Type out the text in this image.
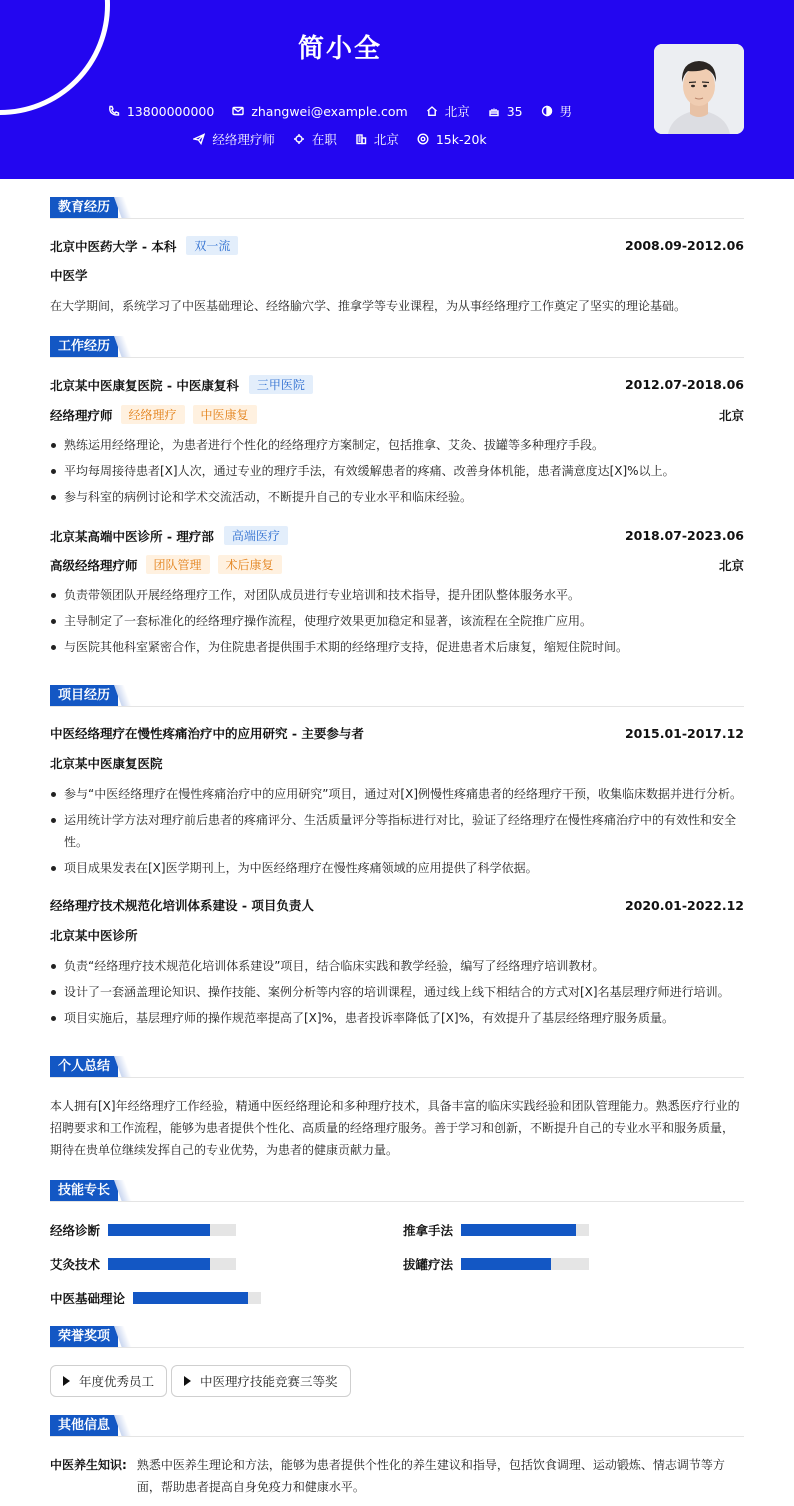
简小全
13800000000	zhangwei@example.com	北京	35	男
经络理疗师	在职	北京	15k-20k
教育经历
北京中医药大学 - 本科	双一流	2008.09-2012.06
中医学
在大学期间，系统学习了中医基础理论、经络腧穴学、推拿学等专业课程，为从事经络理疗工作奠定了坚实的理论基础。
工作经历
北京某中医康复医院 - 中医康复科	三甲医院	2012.07-2018.06
经络理疗师	经络理疗	中医康复	北京
熟练运用经络理论，为患者进行个性化的经络理疗方案制定，包括推拿、艾灸、拔罐等多种理疗手段。
平均每周接待患者[X]人次，通过专业的理疗手法，有效缓解患者的疼痛、改善身体机能，患者满意度达[X]%以上。
参与科室的病例讨论和学术交流活动，不断提升自己的专业水平和临床经验。
北京某高端中医诊所 - 理疗部	高端医疗	2018.07-2023.06
高级经络理疗师	团队管理	术后康复	北京
负责带领团队开展经络理疗工作，对团队成员进行专业培训和技术指导，提升团队整体服务水平。
主导制定了一套标准化的经络理疗操作流程，使理疗效果更加稳定和显著，该流程在全院推广应用。
与医院其他科室紧密合作，为住院患者提供围手术期的经络理疗支持，促进患者术后康复，缩短住院时间。
项目经历
中医经络理疗在慢性疼痛治疗中的应用研究 - 主要参与者	2015.01-2017.12
北京某中医康复医院
参与“中医经络理疗在慢性疼痛治疗中的应用研究”项目，通过对[X]例慢性疼痛患者的经络理疗干预，收集临床数据并进行分析。
运用统计学方法对理疗前后患者的疼痛评分、生活质量评分等指标进行对比，验证了经络理疗在慢性疼痛治疗中的有效性和安全性。
项目成果发表在[X]医学期刊上，为中医经络理疗在慢性疼痛领域的应用提供了科学依据。
经络理疗技术规范化培训体系建设 - 项目负责人	2020.01-2022.12
北京某中医诊所
负责“经络理疗技术规范化培训体系建设”项目，结合临床实践和教学经验，编写了经络理疗培训教材。
设计了一套涵盖理论知识、操作技能、案例分析等内容的培训课程，通过线上线下相结合的方式对[X]名基层理疗师进行培训。
项目实施后，基层理疗师的操作规范率提高了[X]%，患者投诉率降低了[X]%，有效提升了基层经络理疗服务质量。
个人总结
本人拥有[X]年经络理疗工作经验，精通中医经络理论和多种理疗技术，具备丰富的临床实践经验和团队管理能力。熟悉医疗行业的招聘要求和工作流程，能够为患者提供个性化、高质量的经络理疗服务。善于学习和创新，不断提升自己的专业水平和服务质量，期待在贵单位继续发挥自己的专业优势，为患者的健康贡献力量。
技能专长
经络诊断	推拿手法
艾灸技术	拔罐疗法
中医基础理论
荣誉奖项
年度优秀员工	中医理疗技能竞赛三等奖
其他信息
中医养生知识: 熟悉中医养生理论和方法，能够为患者提供个性化的养生建议和指导，包括饮食调理、运动锻炼、情志调节等方面，帮助患者提高自身免疫力和健康水平。
